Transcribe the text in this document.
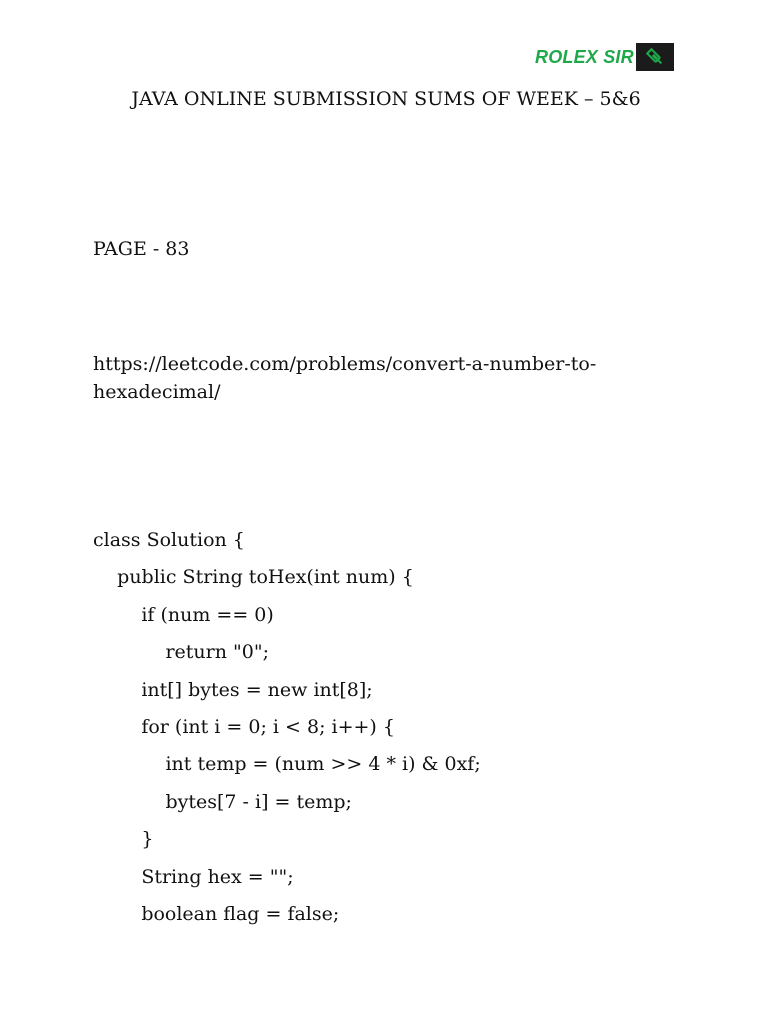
ROLEX SIR
JAVA ONLINE SUBMISSION SUMS OF WEEK – 5&6
PAGE - 83
https://leetcode.com/problems/convert-a-number-to-
hexadecimal/
class Solution {
public String toHex(int num) {
if (num == 0)
return "0";
int[] bytes = new int[8];
for (int i = 0; i < 8; i++) {
int temp = (num >> 4 * i) & 0xf;
bytes[7 - i] = temp;
}
String hex = "";
boolean flag = false;
